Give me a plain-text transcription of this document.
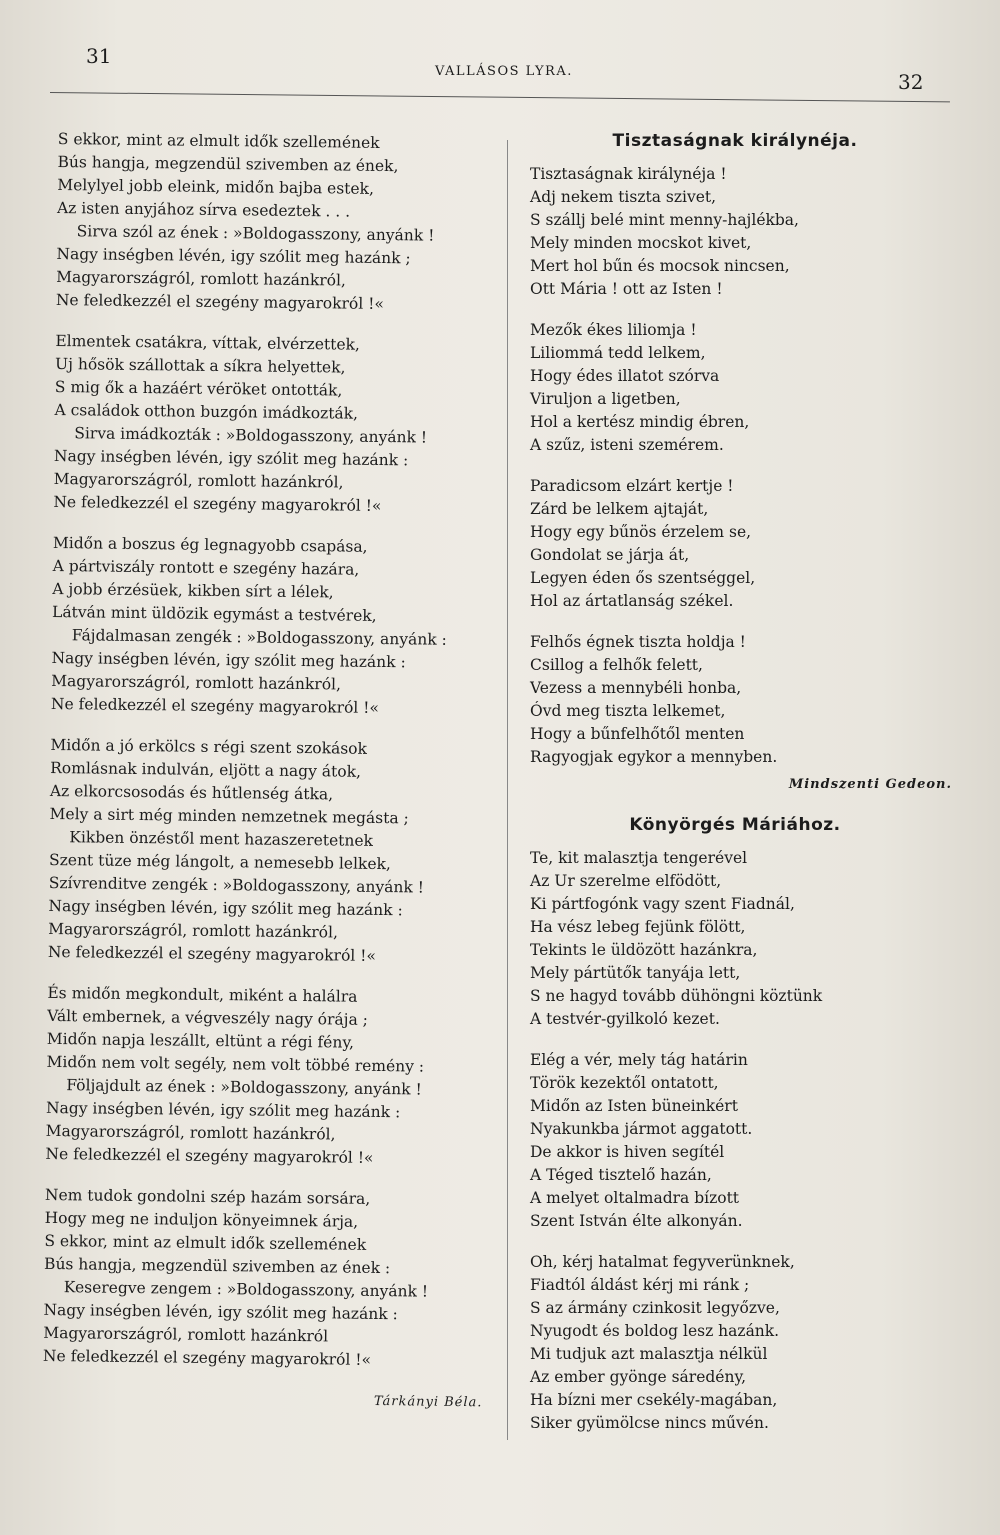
31
VALLÁSOS LYRA.	32
S ekkor, mint az elmult idők szellemének
Bús hangja, megzendül szivemben az ének,
Melylyel jobb eleink, midőn bajba estek,
Az isten anyjához sírva esedeztek . . .
Sirva szól az ének : »Boldogasszony, anyánk !
Nagy inségben lévén, igy szólit meg hazánk ;
Magyarországról, romlott hazánkról,
Ne feledkezzél el szegény magyarokról !«
Elmentek csatákra, víttak, elvérzettek,
Uj hősök szállottak a síkra helyettek,
S mig ők a hazáért véröket ontották,
A családok otthon buzgón imádkozták,
Sirva imádkozták : »Boldogasszony, anyánk !
Nagy inségben lévén, igy szólit meg hazánk :
Magyarországról, romlott hazánkról,
Ne feledkezzél el szegény magyarokról !«
Midőn a boszus ég legnagyobb csapása,
A pártviszály rontott e szegény hazára,
A jobb érzésüek, kikben sírt a lélek,
Látván mint üldözik egymást a testvérek,
Fájdalmasan zengék : »Boldogasszony, anyánk :
Nagy inségben lévén, igy szólit meg hazánk :
Magyarországról, romlott hazánkról,
Ne feledkezzél el szegény magyarokról !«
Midőn a jó erkölcs s régi szent szokások
Romlásnak indulván, eljött a nagy átok,
Az elkorcsosodás és hűtlenség átka,
Mely a sirt még minden nemzetnek megásta ;
Kikben önzéstől ment hazaszeretetnek
Szent tüze még lángolt, a nemesebb lelkek,
Szívrenditve zengék : »Boldogasszony, anyánk !
Nagy inségben lévén, igy szólit meg hazánk :
Magyarországról, romlott hazánkról,
Ne feledkezzél el szegény magyarokról !«
És midőn megkondult, miként a halálra
Vált embernek, a végveszély nagy órája ;
Midőn napja leszállt, eltünt a régi fény,
Midőn nem volt segély, nem volt többé remény :
Följajdult az ének : »Boldogasszony, anyánk !
Nagy inségben lévén, igy szólit meg hazánk :
Magyarországról, romlott hazánkról,
Ne feledkezzél el szegény magyarokról !«
Nem tudok gondolni szép hazám sorsára,
Hogy meg ne induljon könyeimnek árja,
S ekkor, mint az elmult idők szellemének
Bús hangja, megzendül szivemben az ének :
Keseregve zengem : »Boldogasszony, anyánk !
Nagy inségben lévén, igy szólit meg hazánk :
Magyarországról, romlott hazánkról
Ne feledkezzél el szegény magyarokról !«
Tárkányi Béla.
Tisztaságnak királynéja.
Tisztaságnak királynéja !
Adj nekem tiszta szivet,
S szállj belé mint menny-hajlékba,
Mely minden mocskot kivet,
Mert hol bűn és mocsok nincsen,
Ott Mária ! ott az Isten !
Mezők ékes liliomja !
Liliommá tedd lelkem,
Hogy édes illatot szórva
Viruljon a ligetben,
Hol a kertész mindig ébren,
A szűz, isteni szemérem.
Paradicsom elzárt kertje !
Zárd be lelkem ajtaját,
Hogy egy bűnös érzelem se,
Gondolat se járja át,
Legyen éden ős szentséggel,
Hol az ártatlanság székel.
Felhős égnek tiszta holdja !
Csillog a felhők felett,
Vezess a mennybéli honba,
Óvd meg tiszta lelkemet,
Hogy a bűnfelhőtől menten
Ragyogjak egykor a mennyben.
Mindszenti Gedeon.
Könyörgés Máriához.
Te, kit malasztja tengerével
Az Ur szerelme elfödött,
Ki pártfogónk vagy szent Fiadnál,
Ha vész lebeg fejünk fölött,
Tekints le üldözött hazánkra,
Mely pártütők tanyája lett,
S ne hagyd tovább dühöngni köztünk
A testvér-gyilkoló kezet.
Elég a vér, mely tág határin
Török kezektől ontatott,
Midőn az Isten büneinkért
Nyakunkba jármot aggatott.
De akkor is hiven segítél
A Téged tisztelő hazán,
A melyet oltalmadra bízott
Szent István élte alkonyán.
Oh, kérj hatalmat fegyverünknek,
Fiadtól áldást kérj mi ránk ;
S az ármány czinkosit legyőzve,
Nyugodt és boldog lesz hazánk.
Mi tudjuk azt malasztja nélkül
Az ember gyönge sáredény,
Ha bízni mer csekély-magában,
Siker gyümölcse nincs művén.
